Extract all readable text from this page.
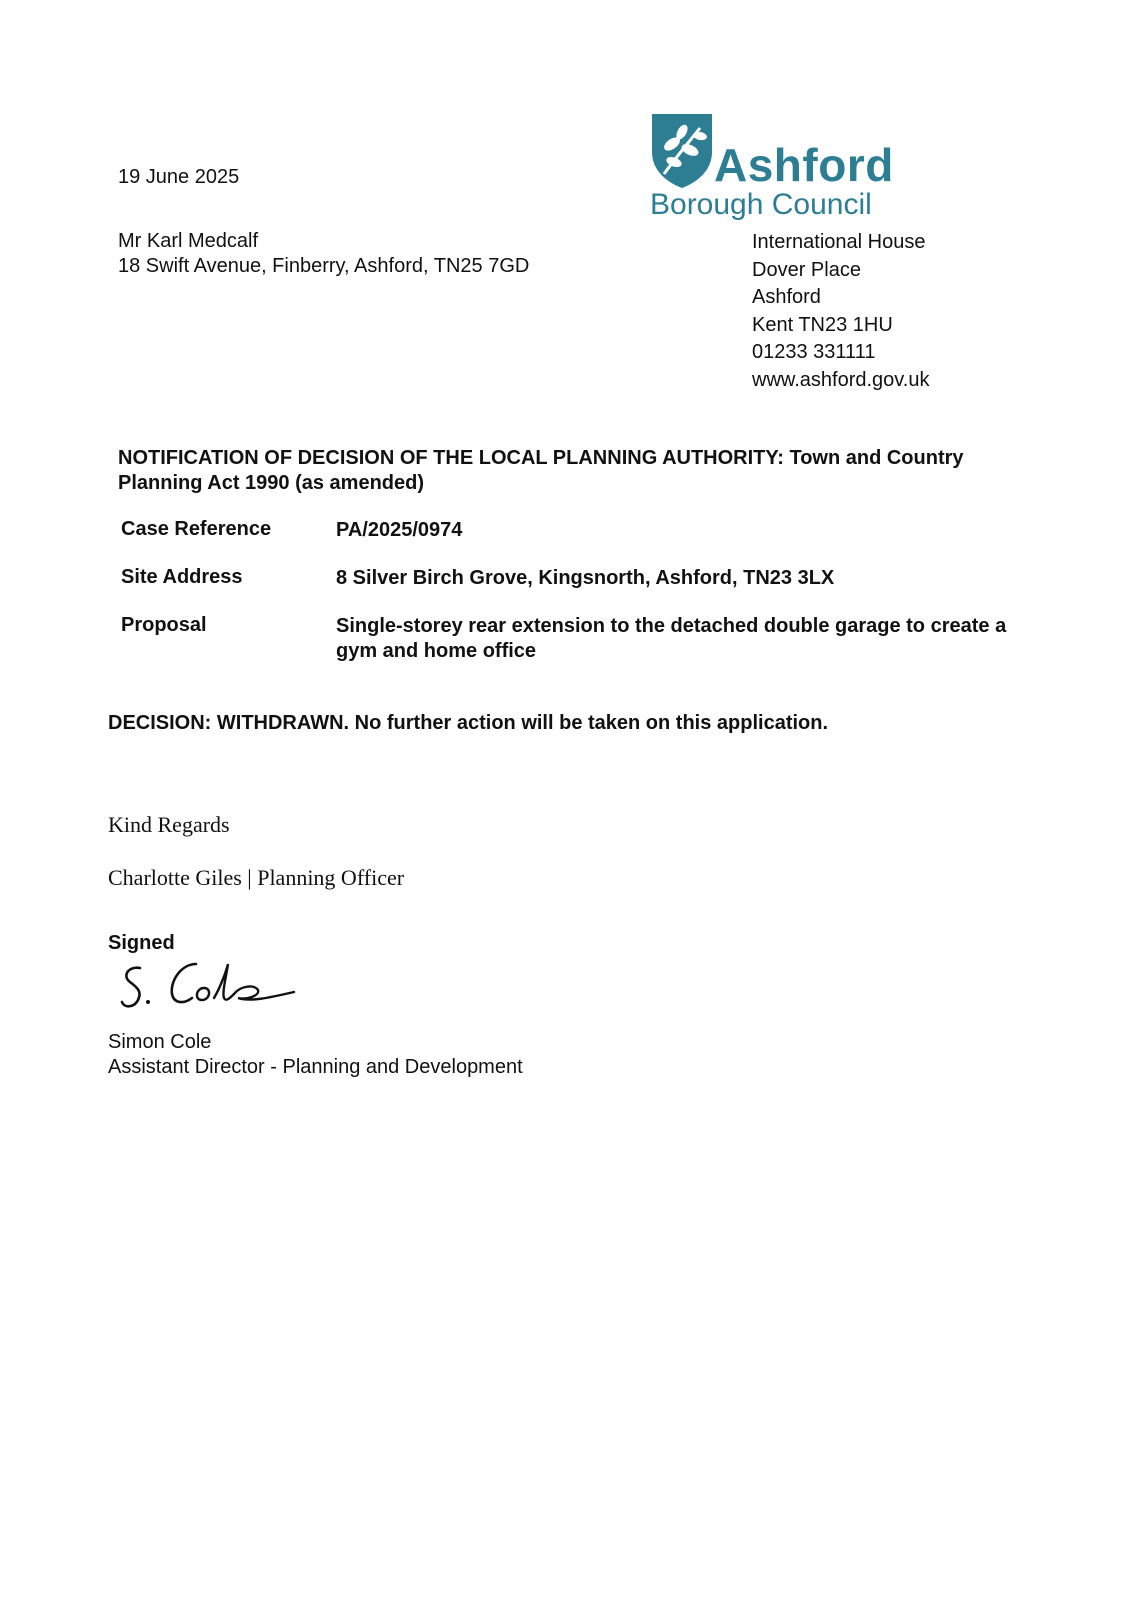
19 June 2025
Mr Karl Medcalf
18 Swift Avenue, Finberry, Ashford, TN25 7GD
Ashford
Borough Council
International House
Dover Place
Ashford
Kent TN23 1HU
01233 331111
www.ashford.gov.uk
NOTIFICATION OF DECISION OF THE LOCAL PLANNING AUTHORITY: Town and Country Planning Act 1990 (as amended)
Case Reference	PA/2025/0974
Site Address	8 Silver Birch Grove, Kingsnorth, Ashford, TN23 3LX
Proposal	Single-storey rear extension to the detached double garage to create a gym and home office
DECISION: WITHDRAWN. No further action will be taken on this application.
Kind Regards
Charlotte Giles | Planning Officer
Signed
Simon Cole
Assistant Director - Planning and Development
